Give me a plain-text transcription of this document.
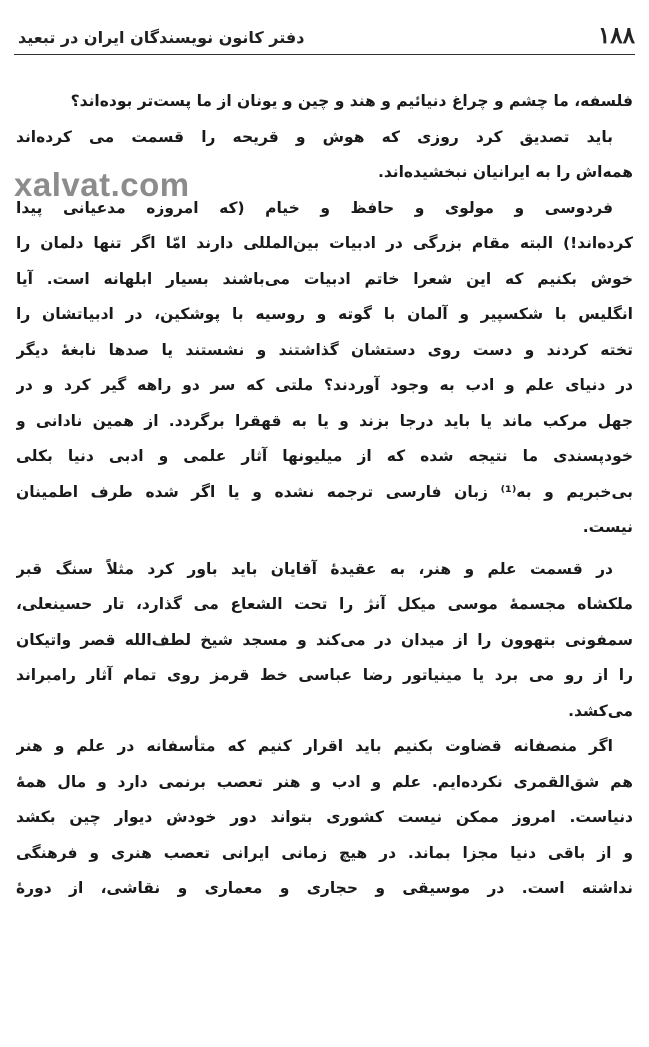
۱۸۸
دفتر کانون نویسندگان ایران در تبعید
xalvat.com
فلسفه، ما چشم و چراغ دنیائیم و هند و چین و یونان از ما پست‌تر بوده‌اند؟
باید تصدیق کرد روزی که هوش و قریحه را قسمت می کرده‌اند
همه‌اش را به ایرانیان نبخشیده‌اند.
فردوسی و مولوی و حافظ و خیام (که امروزه مدعیانی پیدا
کرده‌اند!) البته مقام بزرگی در ادبیات بین‌المللی دارند امّا اگر تنها دلمان را
خوش بکنیم که این شعرا خاتم ادبیات می‌باشند بسیار ابلهانه است. آیا
انگلیس با شکسپیر و آلمان با گوته و روسیه با پوشکین، در ادبیاتشان را
تخته کردند و دست روی دستشان گذاشتند و نشستند یا صدها نابغهٔ دیگر
در دنیای علم و ادب به وجود آوردند؟ ملتی که سر دو راهه گیر کرد و در
جهل مرکب ماند یا باید درجا بزند و یا به قهقرا برگردد. از همین نادانی و
خودپسندی ما نتیجه شده که از میلیونها آثار علمی و ادبی دنیا بکلی
بی‌خبریم و به⁽¹⁾ زبان فارسی ترجمه نشده و یا اگر شده طرف اطمینان
نیست.
در قسمت علم و هنر، به عقیدهٔ آقایان باید باور کرد مثلاً سنگ قبر
ملکشاه مجسمهٔ موسی میکل آنژ را تحت الشعاع می گذارد، تار حسینعلی،
سمفونی بتهوون را از میدان در می‌کند و مسجد شیخ لطف‌الله قصر واتیکان
را از رو می برد یا مینیاتور رضا عباسی خط قرمز روی تمام آثار رامبراند
می‌کشد.
اگر منصفانه قضاوت بکنیم باید اقرار کنیم که متأسفانه در علم و هنر
هم شق‌القمری نکرده‌ایم. علم و ادب و هنر تعصب برنمی دارد و مال همهٔ
دنیاست. امروز ممکن نیست کشوری بتواند دور خودش دیوار چین بکشد
و از باقی دنیا مجزا بماند. در هیچ زمانی ایرانی تعصب هنری و فرهنگی
نداشته است. در موسیقی و حجاری و معماری و نقاشی، از دورهٔ
